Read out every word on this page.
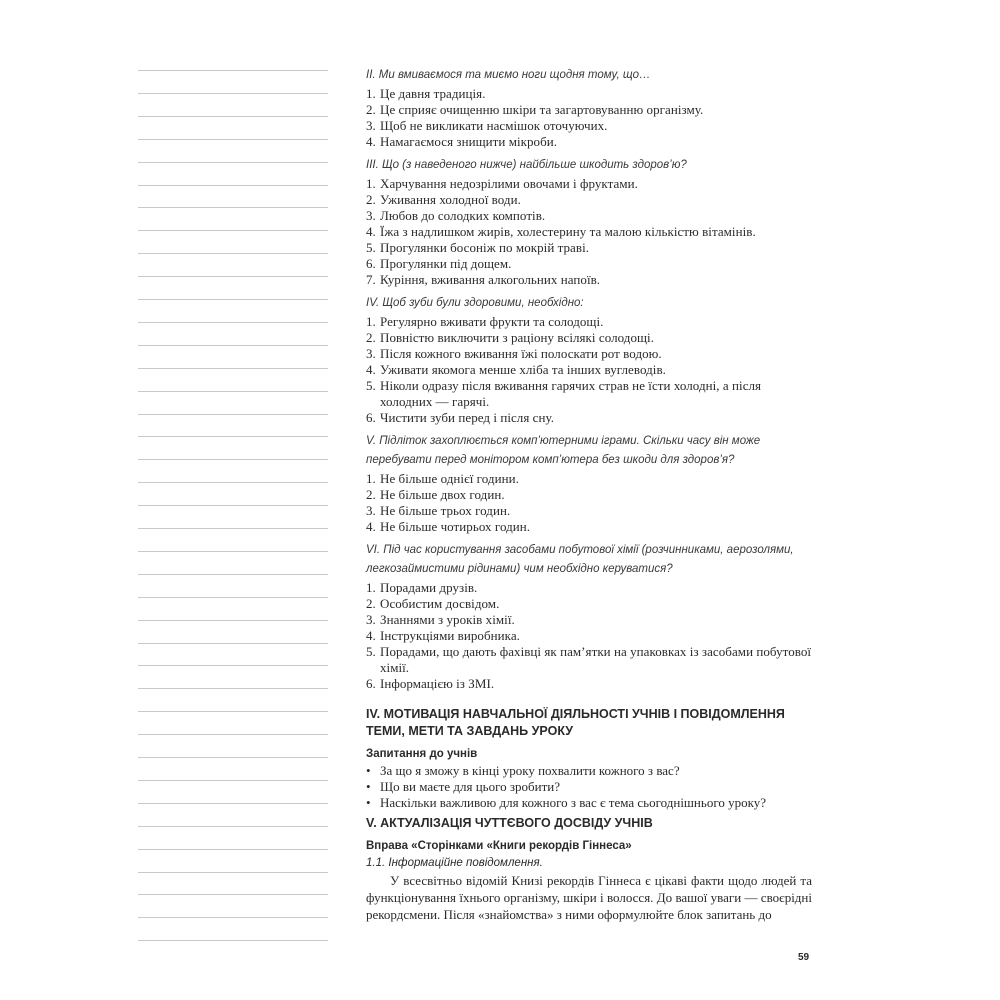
ІІ. Ми вмиваємося та миємо ноги щодня тому, що…

1. Це давня традиція.
2. Це сприяє очищенню шкіри та загартовуванню організму.
3. Щоб не викликати насмішок оточуючих.
4. Намагаємося знищити мікроби.

ІІІ. Що (з наведеного нижче) найбільше шкодить здоров’ю?

1. Харчування недозрілими овочами і фруктами.
2. Уживання холодної води.
3. Любов до солодких компотів.
4. Їжа з надлишком жирів, холестерину та малою кількістю вітамінів.
5. Прогулянки босоніж по мокрій траві.
6. Прогулянки під дощем.
7. Куріння, вживання алкогольних напоїв.

IV. Щоб зуби були здоровими, необхідно:

1. Регулярно вживати фрукти та солодощі.
2. Повністю виключити з раціону всілякі солодощі.
3. Після кожного вживання їжі полоскати рот водою.
4. Уживати якомога менше хліба та інших вуглеводів.
5. Ніколи одразу після вживання гарячих страв не їсти холодні, а після холодних — гарячі.
6. Чистити зуби перед і після сну.

V. Підліток захоплюється комп’ютерними іграми. Скільки часу він може перебувати перед монітором комп’ютера без шкоди для здоров’я?

1. Не більше однієї години.
2. Не більше двох годин.
3. Не більше трьох годин.
4. Не більше чотирьох годин.

VI. Під час користування засобами побутової хімії (розчинниками, аерозолями, легкозаймистими рідинами) чим необхідно керуватися?

1. Порадами друзів.
2. Особистим досвідом.
3. Знаннями з уроків хімії.
4. Інструкціями виробника.
5. Порадами, що дають фахівці як пам’ятки на упаковках із засобами побутової хімії.
6. Інформацією із ЗМІ.
IV. МОТИВАЦІЯ НАВЧАЛЬНОЇ ДІЯЛЬНОСТІ УЧНІВ І ПОВІДОМЛЕННЯ ТЕМИ, МЕТИ ТА ЗАВДАНЬ УРОКУ
Запитання до учнів
• За що я зможу в кінці уроку похвалити кожного з вас?
• Що ви маєте для цього зробити?
• Наскільки важливою для кожного з вас є тема сьогоднішнього уроку?
V. АКТУАЛІЗАЦІЯ ЧУТТЄВОГО ДОСВІДУ УЧНІВ
Вправа «Сторінками «Книги рекордів Гіннеса»

1.1. Інформаційне повідомлення.

У всесвітньо відомій Книзі рекордів Гіннеса є цікаві факти щодо людей та функціонування їхнього організму, шкіри і волосся. До вашої уваги — своєрідні рекордсмени. Після «знайомства» з ними оформулюйте блок запитань до

59
